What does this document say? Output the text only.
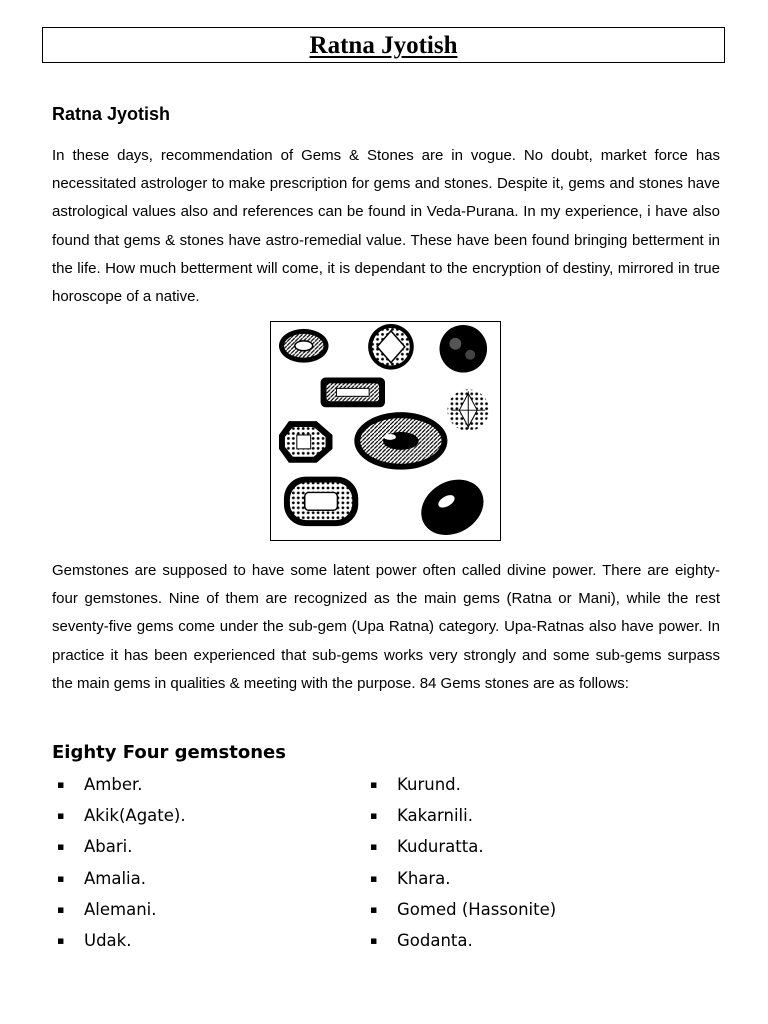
Ratna Jyotish
Ratna Jyotish

In these days, recommendation of Gems & Stones are in vogue. No doubt, market force has necessitated astrologer to make prescription for gems and stones. Despite it, gems and stones have astrological values also and references can be found in Veda-Purana. In my experience, i have also found that gems & stones have astro-remedial value. These have been found bringing betterment in the life. How much betterment will come, it is dependant to the encryption of destiny, mirrored in true horoscope of a native.

Gemstones are supposed to have some latent power often called divine power. There are eighty-four gemstones. Nine of them are recognized as the main gems (Ratna or Mani), while the rest seventy-five gems come under the sub-gem (Upa Ratna) category. Upa-Ratnas also have power. In practice it has been experienced that sub-gems works very strongly and some sub-gems surpass the main gems in qualities & meeting with the purpose. 84 Gems stones are as follows:

Eighty Four gemstones
▪ Amber.
▪ Akik(Agate).
▪ Abari.
▪ Amalia.
▪ Alemani.
▪ Udak.
▪ Kurund.
▪ Kakarnili.
▪ Kuduratta.
▪ Khara.
▪ Gomed (Hassonite)
▪ Godanta.
